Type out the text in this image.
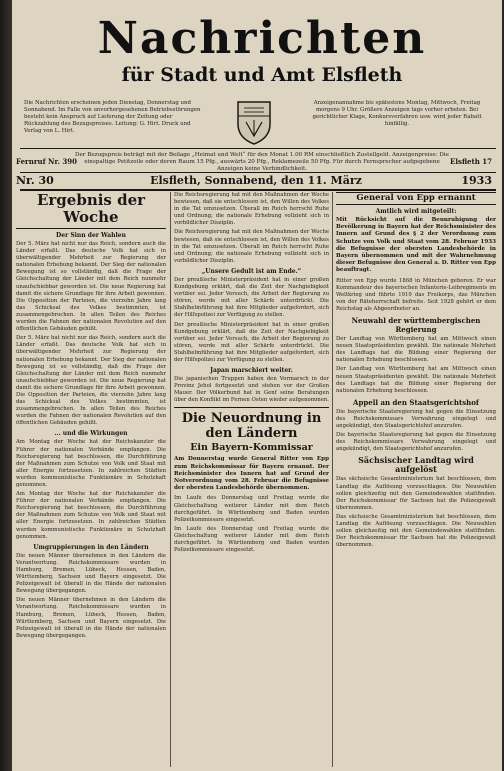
Nachrichten
für Stadt und Amt Elsfleth
Die Nachrichten erscheinen jeden Dienstag, Donnerstag und Sonnabend. Im Falle von unvorhergesehenen Betriebsstörungen besteht kein Anspruch auf Lieferung der Zeitung oder Rückzahlung des Bezugspreises. Leitung: G. Hirt. Druck und Verlag von L. Hirt.
Anzeigenannahme bis spätestens Montag, Mittwoch, Freitag morgens 9 Uhr. Größere Anzeigen tags vorher erbeten. Bei gerichtlicher Klage, Konkursverfahren usw. wird jeder Rabatt hinfällig.
Fernruf Nr. 390
Der Bezugspreis beträgt mit der Beilage „Heimat und Welt“ für den Monat 1.00 RM einschließlich Zustellgeld. Anzeigenpreise: Die einspaltige Petitzeile oder deren Raum 15 Pfg., auswärts 20 Pfg., Reklamezeile 50 Pfg. Für durch Fernsprecher aufgegebene Anzeigen keine Verbindlichkeit.
Elsfleth 17
Nr. 30	Elsfleth, Sonnabend, den 11. März	1933
Ergebnis der Woche
Der Sinn der Wahlen

Der 5. März hat nicht nur das Reich, sondern auch die Länder erfaßt. Das deutsche Volk hat sich in überwältigender Mehrheit zur Regierung der nationalen Erhebung bekannt. Der Sieg der nationalen Bewegung ist so vollständig, daß die Frage der Gleichschaltung der Länder mit dem Reich nunmehr unaufschiebbar geworden ist. Die neue Regierung hat damit die sichere Grundlage für ihre Arbeit gewonnen. Die Opposition der Parteien, die vierzehn Jahre lang das Schicksal des Volkes bestimmten, ist zusammengebrochen. In allen Teilen des Reiches wurden die Fahnen der nationalen Revolution auf den öffentlichen Gebäuden gehißt.

Der 5. März hat nicht nur das Reich, sondern auch die Länder erfaßt. Das deutsche Volk hat sich in überwältigender Mehrheit zur Regierung der nationalen Erhebung bekannt. Der Sieg der nationalen Bewegung ist so vollständig, daß die Frage der Gleichschaltung der Länder mit dem Reich nunmehr unaufschiebbar geworden ist. Die neue Regierung hat damit die sichere Grundlage für ihre Arbeit gewonnen. Die Opposition der Parteien, die vierzehn Jahre lang das Schicksal des Volkes bestimmten, ist zusammengebrochen. In allen Teilen des Reiches wurden die Fahnen der nationalen Revolution auf den öffentlichen Gebäuden gehißt.

... und die Wirkungen

Am Montag der Woche hat der Reichskanzler die Führer der nationalen Verbände empfangen. Die Reichsregierung hat beschlossen, die Durchführung der Maßnahmen zum Schutze von Volk und Staat mit aller Energie fortzusetzen. In zahlreichen Städten wurden kommunistische Funktionäre in Schutzhaft genommen.

Am Montag der Woche hat der Reichskanzler die Führer der nationalen Verbände empfangen. Die Reichsregierung hat beschlossen, die Durchführung der Maßnahmen zum Schutze von Volk und Staat mit aller Energie fortzusetzen. In zahlreichen Städten wurden kommunistische Funktionäre in Schutzhaft genommen.

Umgruppierungen in den Ländern

Die neuen Männer übernehmen in den Ländern die Verantwortung. Reichskommissare wurden in Hamburg, Bremen, Lübeck, Hessen, Baden, Württemberg, Sachsen und Bayern eingesetzt. Die Polizeigewalt ist überall in die Hände der nationalen Bewegung übergegangen.

Die neuen Männer übernehmen in den Ländern die Verantwortung. Reichskommissare wurden in Hamburg, Bremen, Lübeck, Hessen, Baden, Württemberg, Sachsen und Bayern eingesetzt. Die Polizeigewalt ist überall in die Hände der nationalen Bewegung übergegangen.

Die Reichsregierung hat mit den Maßnahmen der Woche bewiesen, daß sie entschlossen ist, den Willen des Volkes in die Tat umzusetzen. Überall im Reich herrscht Ruhe und Ordnung; die nationale Erhebung vollzieht sich in vorbildlicher Disziplin.

Die Reichsregierung hat mit den Maßnahmen der Woche bewiesen, daß sie entschlossen ist, den Willen des Volkes in die Tat umzusetzen. Überall im Reich herrscht Ruhe und Ordnung; die nationale Erhebung vollzieht sich in vorbildlicher Disziplin.

„Unsere Gedult ist am Ende.“

Der preußische Ministerpräsident hat in einer großen Kundgebung erklärt, daß die Zeit der Nachgiebigkeit vorüber sei. Jeder Versuch, die Arbeit der Regierung zu stören, werde mit aller Schärfe unterdrückt. Die Stahlhelmführung hat ihre Mitglieder aufgefordert, sich der Hilfspolizei zur Verfügung zu stellen.

Der preußische Ministerpräsident hat in einer großen Kundgebung erklärt, daß die Zeit der Nachgiebigkeit vorüber sei. Jeder Versuch, die Arbeit der Regierung zu stören, werde mit aller Schärfe unterdrückt. Die Stahlhelmführung hat ihre Mitglieder aufgefordert, sich der Hilfspolizei zur Verfügung zu stellen.

Japan marschiert weiter.

Die japanischen Truppen haben den Vormarsch in der Provinz Jehol fortgesetzt und stehen vor der Großen Mauer. Der Völkerbund hat in Genf seine Beratungen über den Konflikt im Fernen Osten wieder aufgenommen.

Die Neuordnung in den Ländern
Ein Bayern-Kommissar

Am Donnerstag wurde General Ritter von Epp zum Reichskommissar für Bayern ernannt. Der Reichsminister des Innern hat auf Grund der Notverordnung vom 28. Februar die Befugnisse der obersten Landesbehörde übernommen.

Im Laufe des Donnerstag und Freitag wurde die Gleichschaltung weiterer Länder mit dem Reich durchgeführt. In Württemberg und Baden wurden Polizeikommissare eingesetzt.

Im Laufe des Donnerstag und Freitag wurde die Gleichschaltung weiterer Länder mit dem Reich durchgeführt. In Württemberg und Baden wurden Polizeikommissare eingesetzt.

General von Epp ernannt
Amtlich wird mitgeteilt:

Mit Rücksicht auf die Beunruhigung der Bevölkerung in Bayern hat der Reichsminister des Innern auf Grund des § 2 der Verordnung zum Schutze von Volk und Staat vom 28. Februar 1933 die Befugnisse der obersten Landesbehörde in Bayern übernommen und mit der Wahrnehmung dieser Befugnisse den General a. D. Ritter von Epp beauftragt.

Ritter von Epp wurde 1868 in München geboren. Er war Kommandeur des bayerischen Infanterie-Leibregiments im Weltkrieg und führte 1919 das Freikorps, das München von der Räteherrschaft befreite. Seit 1928 gehört er dem Reichstag als Abgeordneter an.

Neuwahl der württembergischen Regierung

Der Landtag von Württemberg hat am Mittwoch einen neuen Staatspräsidenten gewählt. Die nationale Mehrheit des Landtags hat die Bildung einer Regierung der nationalen Erhebung beschlossen.

Der Landtag von Württemberg hat am Mittwoch einen neuen Staatspräsidenten gewählt. Die nationale Mehrheit des Landtags hat die Bildung einer Regierung der nationalen Erhebung beschlossen.

Appell an den Staatsgerichtshof

Die bayerische Staatsregierung hat gegen die Einsetzung des Reichskommissars Verwahrung eingelegt und angekündigt, den Staatsgerichtshof anzurufen.

Die bayerische Staatsregierung hat gegen die Einsetzung des Reichskommissars Verwahrung eingelegt und angekündigt, den Staatsgerichtshof anzurufen.

Sächsischer Landtag wird aufgelöst

Das sächsische Gesamtministerium hat beschlossen, dem Landtag die Auflösung vorzuschlagen. Die Neuwahlen sollen gleichzeitig mit den Gemeindewahlen stattfinden. Der Reichskommissar für Sachsen hat die Polizeigewalt übernommen.

Das sächsische Gesamtministerium hat beschlossen, dem Landtag die Auflösung vorzuschlagen. Die Neuwahlen sollen gleichzeitig mit den Gemeindewahlen stattfinden. Der Reichskommissar für Sachsen hat die Polizeigewalt übernommen.
